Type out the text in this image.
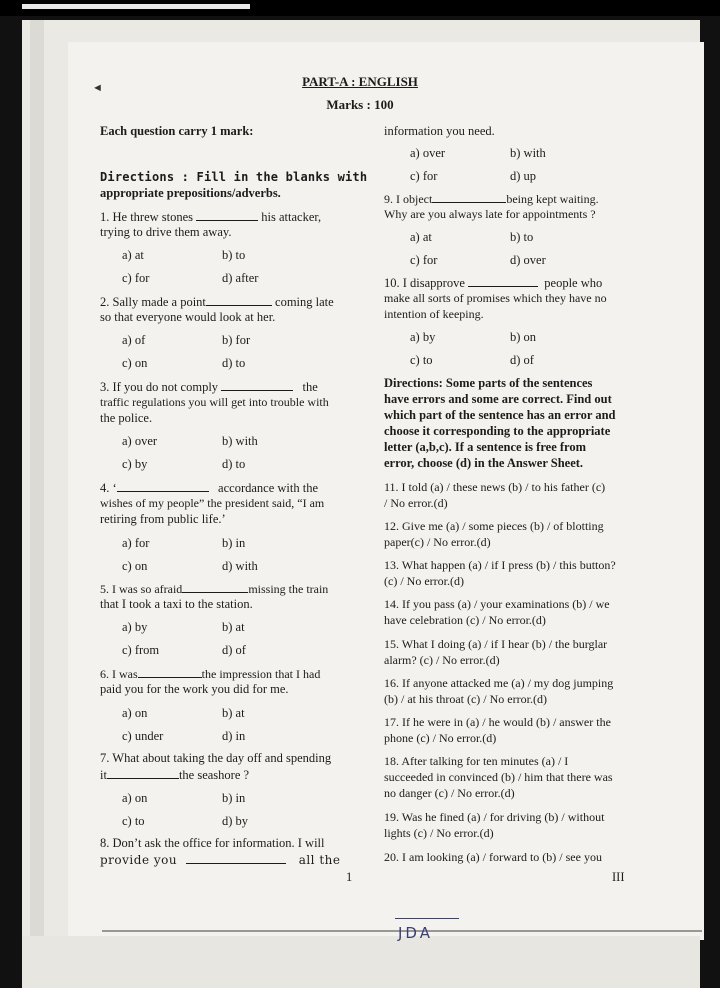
◄	PART-A : ENGLISH
Marks : 100
Each question carry 1 mark:
Directions : Fill in the blanks with
appropriate prepositions/adverbs.
1. He threw stones	his attacker,
trying to drive them away.
a) at	b) to
c) for	d) after
2. Sally made a point	coming late
so that everyone would look at her.
a) of	b) for
c) on	d) to
3. If you do not comply	the
traffic regulations you will get into trouble with
the police.
a) over	b) with
c) by	d) to
4. ‘	accordance with the
wishes of my people” the president said, “I am
retiring from public life.’
a) for	b) in
c) on	d) with
5. I was so afraid	missing the train
that I took a taxi to the station.
a) by	b) at
c) from	d) of
6. I was	the impression that I had
paid you for the work you did for me.
a) on	b) at
c) under	d) in
7. What about taking the day off and spending
it	the seashore ?
a) on	b) in
c) to	d) by
8. Don’t ask the office for information. I will
provide you	all the
information you need.
a) over	b) with
c) for	d) up
9. I object	being kept waiting.
Why are you always late for appointments ?
a) at	b) to
c) for	d) over
10. I disapprove	people who
make all sorts of promises which they have no
intention of keeping.
a) by	b) on
c) to	d) of
Directions: Some parts of the sentences
have errors and some are correct. Find out
which part of the sentence has an error and
choose it corresponding to the appropriate
letter (a,b,c). If a sentence is free from
error, choose (d) in the Answer Sheet.
11. I told (a) / these news (b) / to his father (c)
/ No error.(d)
12. Give me (a) / some pieces (b) / of blotting
paper(c) / No error.(d)
13. What happen (a) / if I press (b) / this button?
(c) / No error.(d)
14. If you pass (a) / your examinations (b) / we
have celebration (c) / No error.(d)
15. What I doing (a) / if I hear (b) / the burglar
alarm? (c) / No error.(d)
16. If anyone attacked me (a) / my dog jumping
(b) / at his throat (c) / No error.(d)
17. If he were in (a) / he would (b) / answer the
phone (c) / No error.(d)
18. After talking for ten minutes (a) / I
succeeded in convinced (b) / him that there was
no danger (c) / No error.(d)
19. Was he fined (a) / for driving (b) / without
lights (c) / No error.(d)
20. I am looking (a) / forward to (b) / see you
1	III
JDA
